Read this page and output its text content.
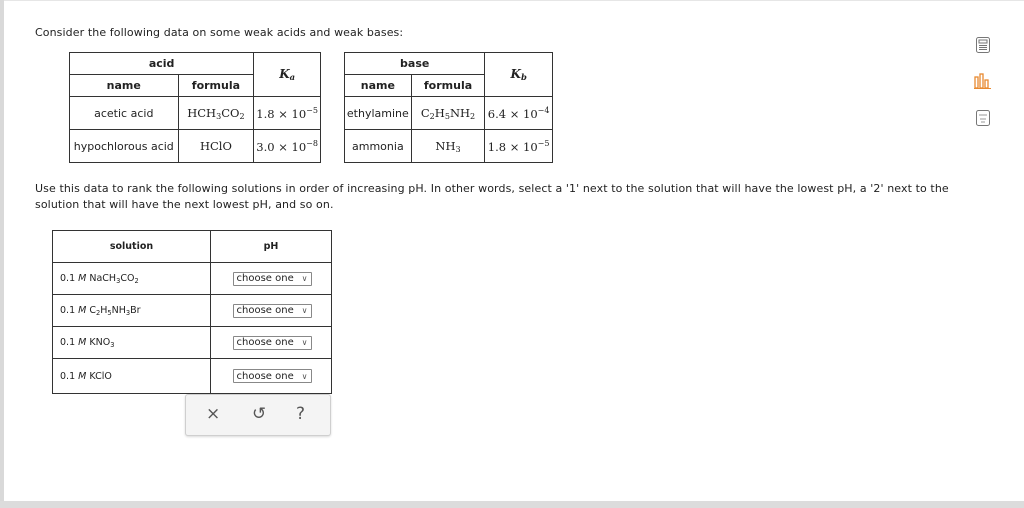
Consider the following data on some weak acids and weak bases:
acid		$K_a$
name	formula	
acetic acid	$HCH_3CO_2$	$1.8 \times 10^{-5}$
hypochlorous acid	HClO	$3.0 \times 10^{-8}$
base		$K_b$
name	formula	
ethylamine	$C_2H_5NH_2$	$6.4 \times 10^{-4}$
ammonia	$NH_3$	$1.8 \times 10^{-5}$
Use this data to rank the following solutions in order of increasing pH. In other words, select a '1' next to the solution that will have the lowest pH, a '2' next to the solution that will have the next lowest pH, and so on.
solution	pH
0.1 M $NaCH_3CO_2$	choose one ∨

0.1 M $C_2H_5NH_3Br$	choose one ∨

0.1 M $KNO_3$	choose one ∨

0.1 M KClO	choose one ∨
× ↺ ?
